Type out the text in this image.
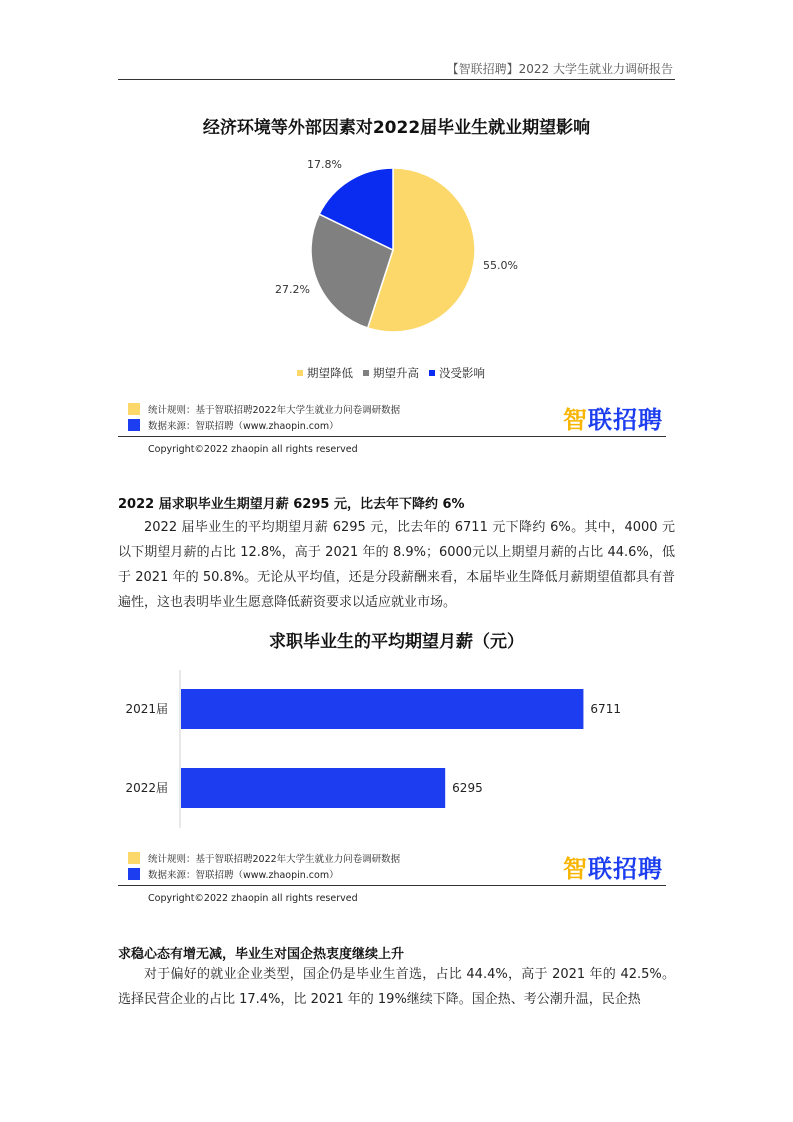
【智联招聘】2022 大学生就业力调研报告
经济环境等外部因素对2022届毕业生就业期望影响
55.0%
27.2%
17.8%
期望降低 期望升高 没受影响
统计规则：基于智联招聘2022年大学生就业力问卷调研数据
数据来源：智联招聘（www.zhaopin.com）	智联招聘
Copyright©2022 zhaopin all rights reserved
2022 届求职毕业生期望月薪 6295 元，比去年下降约 6%

2022 届毕业生的平均期望月薪 6295 元，比去年的 6711 元下降约 6%。其中，4000 元以下期望月薪的占比 12.8%，高于 2021 年的 8.9%；6000元以上期望月薪的占比 44.6%，低于 2021 年的 50.8%。无论从平均值，还是分段薪酬来看，本届毕业生降低月薪期望值都具有普遍性，这也表明毕业生愿意降低薪资要求以适应就业市场。

求职毕业生的平均期望月薪（元）
2021届	6711
2022届	6295
统计规则：基于智联招聘2022年大学生就业力问卷调研数据
数据来源：智联招聘（www.zhaopin.com）	智联招聘
Copyright©2022 zhaopin all rights reserved
求稳心态有增无减，毕业生对国企热衷度继续上升

对于偏好的就业企业类型，国企仍是毕业生首选，占比 44.4%，高于 2021 年的 42.5%。选择民营企业的占比 17.4%，比 2021 年的 19%继续下降。国企热、考公潮升温，民企热
